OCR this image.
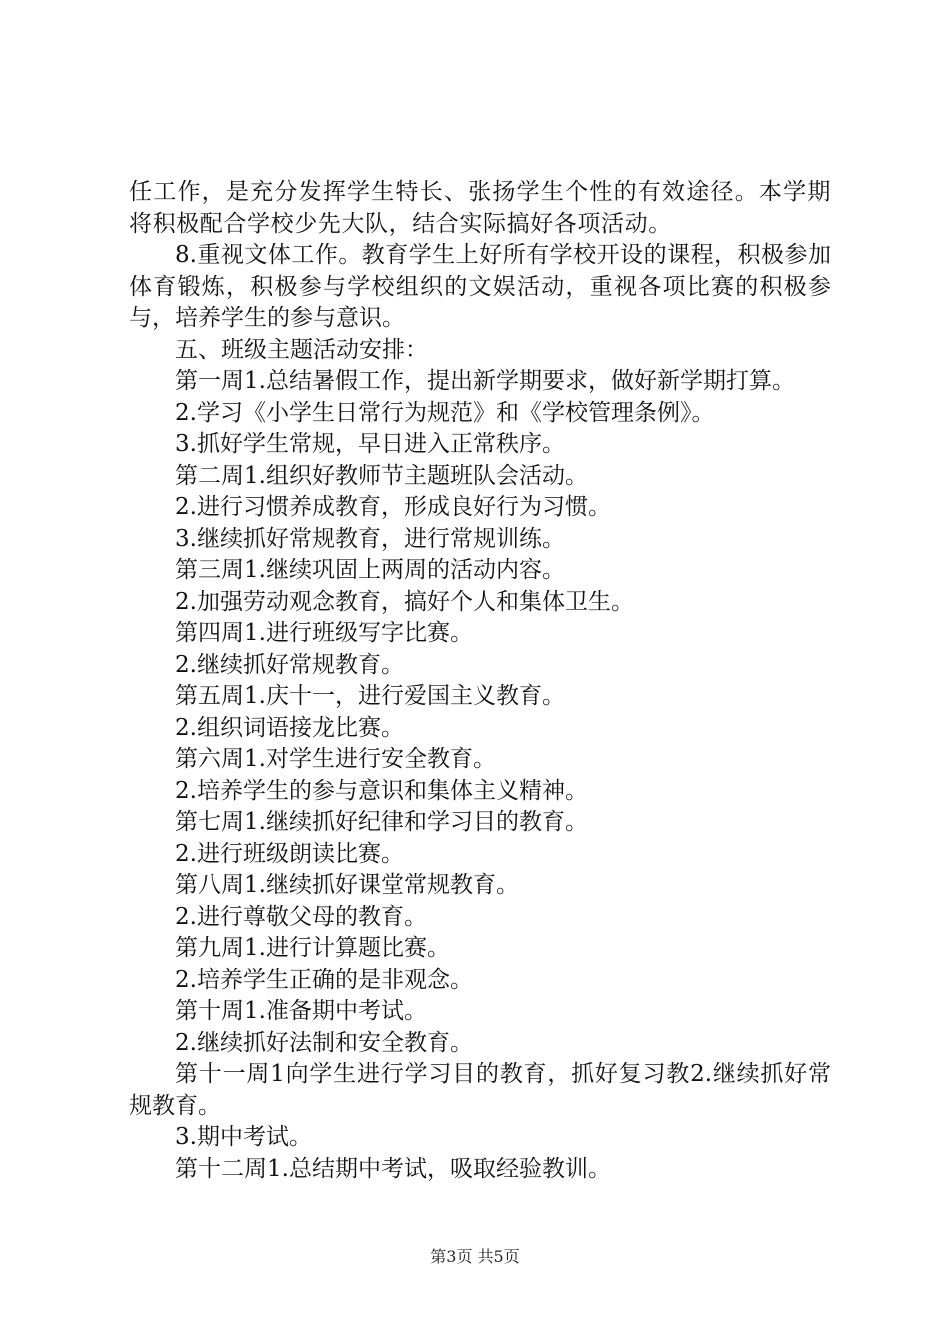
任工作，是充分发挥学生特长、张扬学生个性的有效途径。本学期将积极配合学校少先大队，结合实际搞好各项活动。

8.重视文体工作。教育学生上好所有学校开设的课程，积极参加体育锻炼，积极参与学校组织的文娱活动，重视各项比赛的积极参与，培养学生的参与意识。

五、班级主题活动安排：

第一周1.总结暑假工作，提出新学期要求，做好新学期打算。

2.学习《小学生日常行为规范》和《学校管理条例》。

3.抓好学生常规，早日进入正常秩序。

第二周1.组织好教师节主题班队会活动。

2.进行习惯养成教育，形成良好行为习惯。

3.继续抓好常规教育，进行常规训练。

第三周1.继续巩固上两周的活动内容。

2.加强劳动观念教育，搞好个人和集体卫生。

第四周1.进行班级写字比赛。

2.继续抓好常规教育。

第五周1.庆十一，进行爱国主义教育。

2.组织词语接龙比赛。

第六周1.对学生进行安全教育。

2.培养学生的参与意识和集体主义精神。

第七周1.继续抓好纪律和学习目的教育。

2.进行班级朗读比赛。

第八周1.继续抓好课堂常规教育。

2.进行尊敬父母的教育。

第九周1.进行计算题比赛。

2.培养学生正确的是非观念。

第十周1.准备期中考试。

2.继续抓好法制和安全教育。

第十一周1向学生进行学习目的教育，抓好复习教2.继续抓好常规教育。

3.期中考试。

第十二周1.总结期中考试，吸取经验教训。

第3页 共5页
